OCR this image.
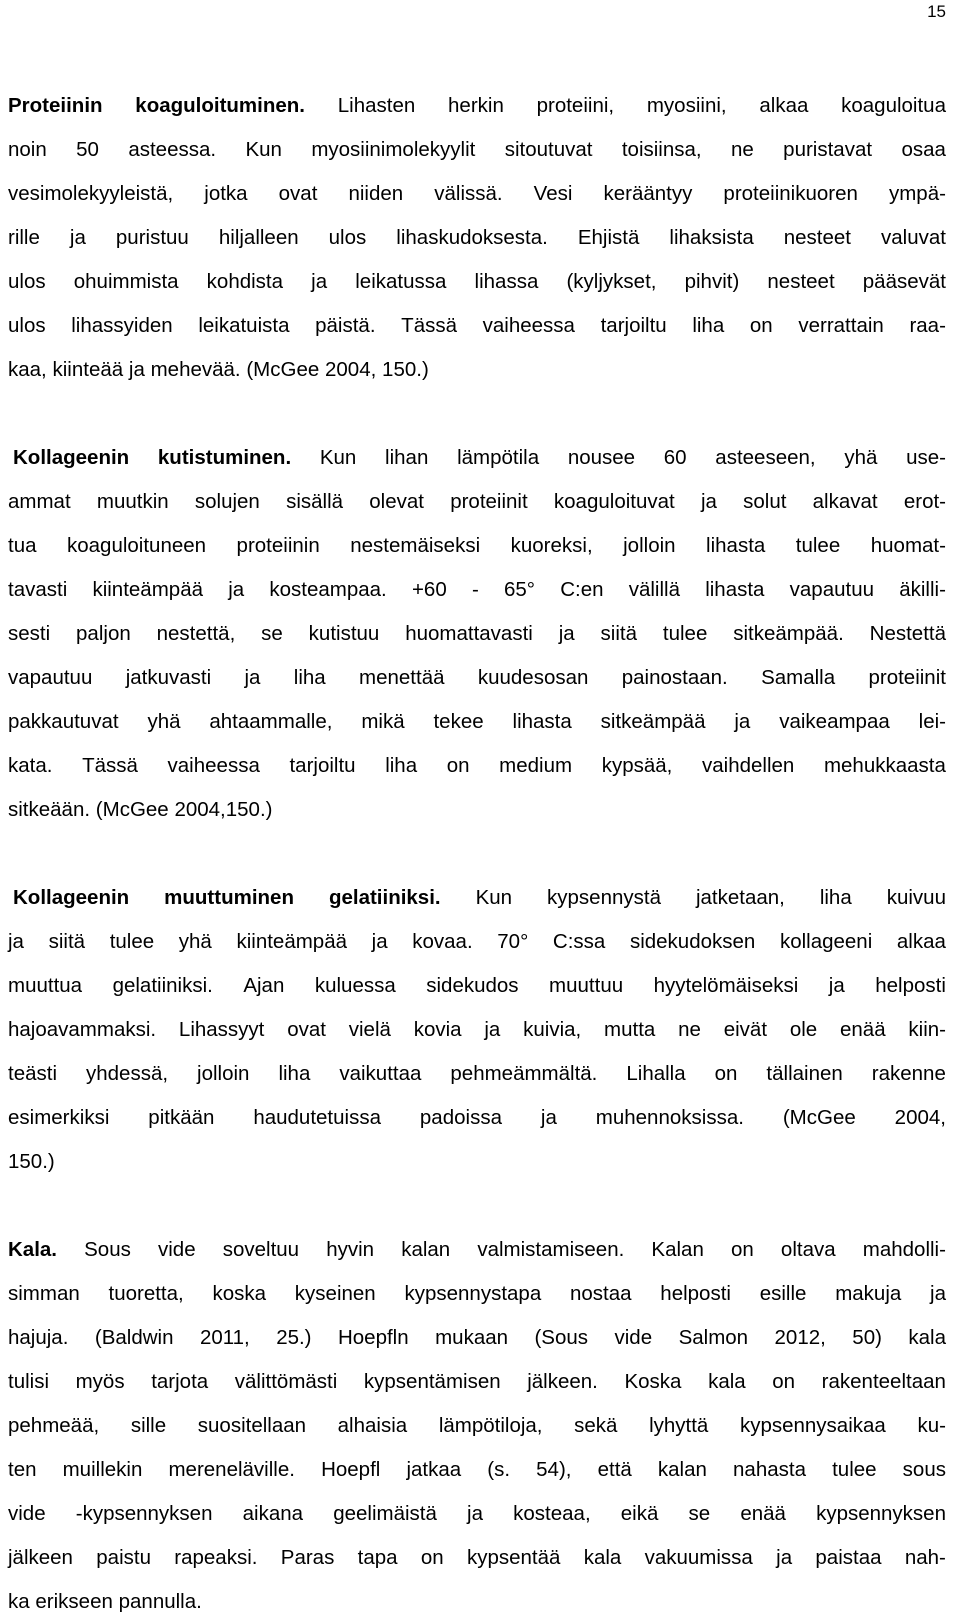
15
Proteiinin koaguloituminen. Lihasten herkin proteiini, myosiini, alkaa koaguloitua
noin 50 asteessa. Kun myosiinimolekyylit sitoutuvat toisiinsa, ne puristavat osaa
vesimolekyyleistä, jotka ovat niiden välissä. Vesi kerääntyy proteiinikuoren ympä-
rille ja puristuu hiljalleen ulos lihaskudoksesta. Ehjistä lihaksista nesteet valuvat
ulos ohuimmista kohdista ja leikatussa lihassa (kyljykset, pihvit) nesteet pääsevät
ulos lihassyiden leikatuista päistä. Tässä vaiheessa tarjoiltu liha on verrattain raa-
kaa, kiinteää ja mehevää. (McGee 2004, 150.)
Kollageenin kutistuminen. Kun lihan lämpötila nousee 60 asteeseen, yhä use-
ammat muutkin solujen sisällä olevat proteiinit koaguloituvat ja solut alkavat erot-
tua koaguloituneen proteiinin nestemäiseksi kuoreksi, jolloin lihasta tulee huomat-
tavasti kiinteämpää ja kosteampaa. +60 - 65° C:en välillä lihasta vapautuu äkilli-
sesti paljon nestettä, se kutistuu huomattavasti ja siitä tulee sitkeämpää. Nestettä
vapautuu jatkuvasti ja liha menettää kuudesosan painostaan. Samalla proteiinit
pakkautuvat yhä ahtaammalle, mikä tekee lihasta sitkeämpää ja vaikeampaa lei-
kata. Tässä vaiheessa tarjoiltu liha on medium kypsää, vaihdellen mehukkaasta
sitkeään. (McGee 2004,150.)
Kollageenin muuttuminen gelatiiniksi. Kun kypsennystä jatketaan, liha kuivuu
ja siitä tulee yhä kiinteämpää ja kovaa. 70° C:ssa sidekudoksen kollageeni alkaa
muuttua gelatiiniksi. Ajan kuluessa sidekudos muuttuu hyytelömäiseksi ja helposti
hajoavammaksi. Lihassyyt ovat vielä kovia ja kuivia, mutta ne eivät ole enää kiin-
teästi yhdessä, jolloin liha vaikuttaa pehmeämmältä. Lihalla on tällainen rakenne
esimerkiksi pitkään haudutetuissa padoissa ja muhennoksissa. (McGee 2004,
150.)
Kala. Sous vide soveltuu hyvin kalan valmistamiseen. Kalan on oltava mahdolli-
simman tuoretta, koska kyseinen kypsennystapa nostaa helposti esille makuja ja
hajuja. (Baldwin 2011, 25.) Hoepfln mukaan (Sous vide Salmon 2012, 50) kala
tulisi myös tarjota välittömästi kypsentämisen jälkeen. Koska kala on rakenteeltaan
pehmeää, sille suositellaan alhaisia lämpötiloja, sekä lyhyttä kypsennysaikaa ku-
ten muillekin mereneläville. Hoepfl jatkaa (s. 54), että kalan nahasta tulee sous
vide -kypsennyksen aikana geelimäistä ja kosteaa, eikä se enää kypsennyksen
jälkeen paistu rapeaksi. Paras tapa on kypsentää kala vakuumissa ja paistaa nah-
ka erikseen pannulla.
